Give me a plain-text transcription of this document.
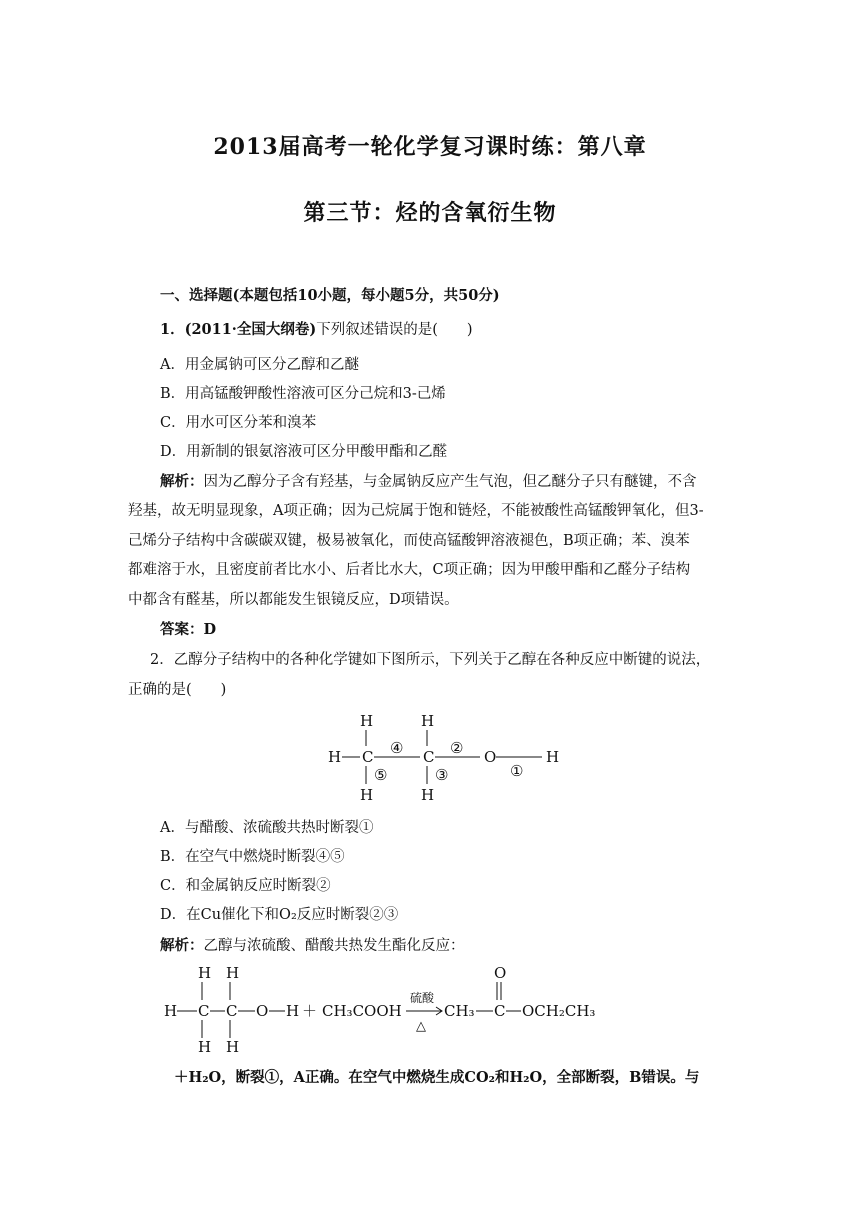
2013届高考一轮化学复习课时练：第八章
第三节：烃的含氧衍生物
一、选择题(本题包括10小题，每小题5分，共50分)
1．(2011·全国大纲卷)下列叙述错误的是(　　)
A．用金属钠可区分乙醇和乙醚
B．用高锰酸钾酸性溶液可区分己烷和3-己烯
C．用水可区分苯和溴苯
D．用新制的银氨溶液可区分甲酸甲酯和乙醛
解析：因为乙醇分子含有羟基，与金属钠反应产生气泡，但乙醚分子只有醚键，不含
羟基，故无明显现象，A项正确；因为己烷属于饱和链烃，不能被酸性高锰酸钾氧化，但3-
己烯分子结构中含碳碳双键，极易被氧化，而使高锰酸钾溶液褪色，B项正确；苯、溴苯
都难溶于水，且密度前者比水小、后者比水大，C项正确；因为甲酸甲酯和乙醛分子结构
中都含有醛基，所以都能发生银镜反应，D项错误。
答案：D
2．乙醇分子结构中的各种化学键如下图所示，下列关于乙醇在各种反应中断键的说法，
正确的是(　　)
H	H
H C	C	O	H
H	H
④	②
①
⑤	③
A．与醋酸、浓硫酸共热时断裂①
B．在空气中燃烧时断裂④⑤
C．和金属钠反应时断裂②
D．在Cu催化下和O₂反应时断裂②③
解析：乙醇与浓硫酸、醋酸共热发生酯化反应：
H H
H C C O H ＋ CH₃COOH
H H
硫酸
△
CH₃
O
C OCH₂CH₃
＋H₂O，断裂①，A正确。在空气中燃烧生成CO₂和H₂O，全部断裂，B错误。与
